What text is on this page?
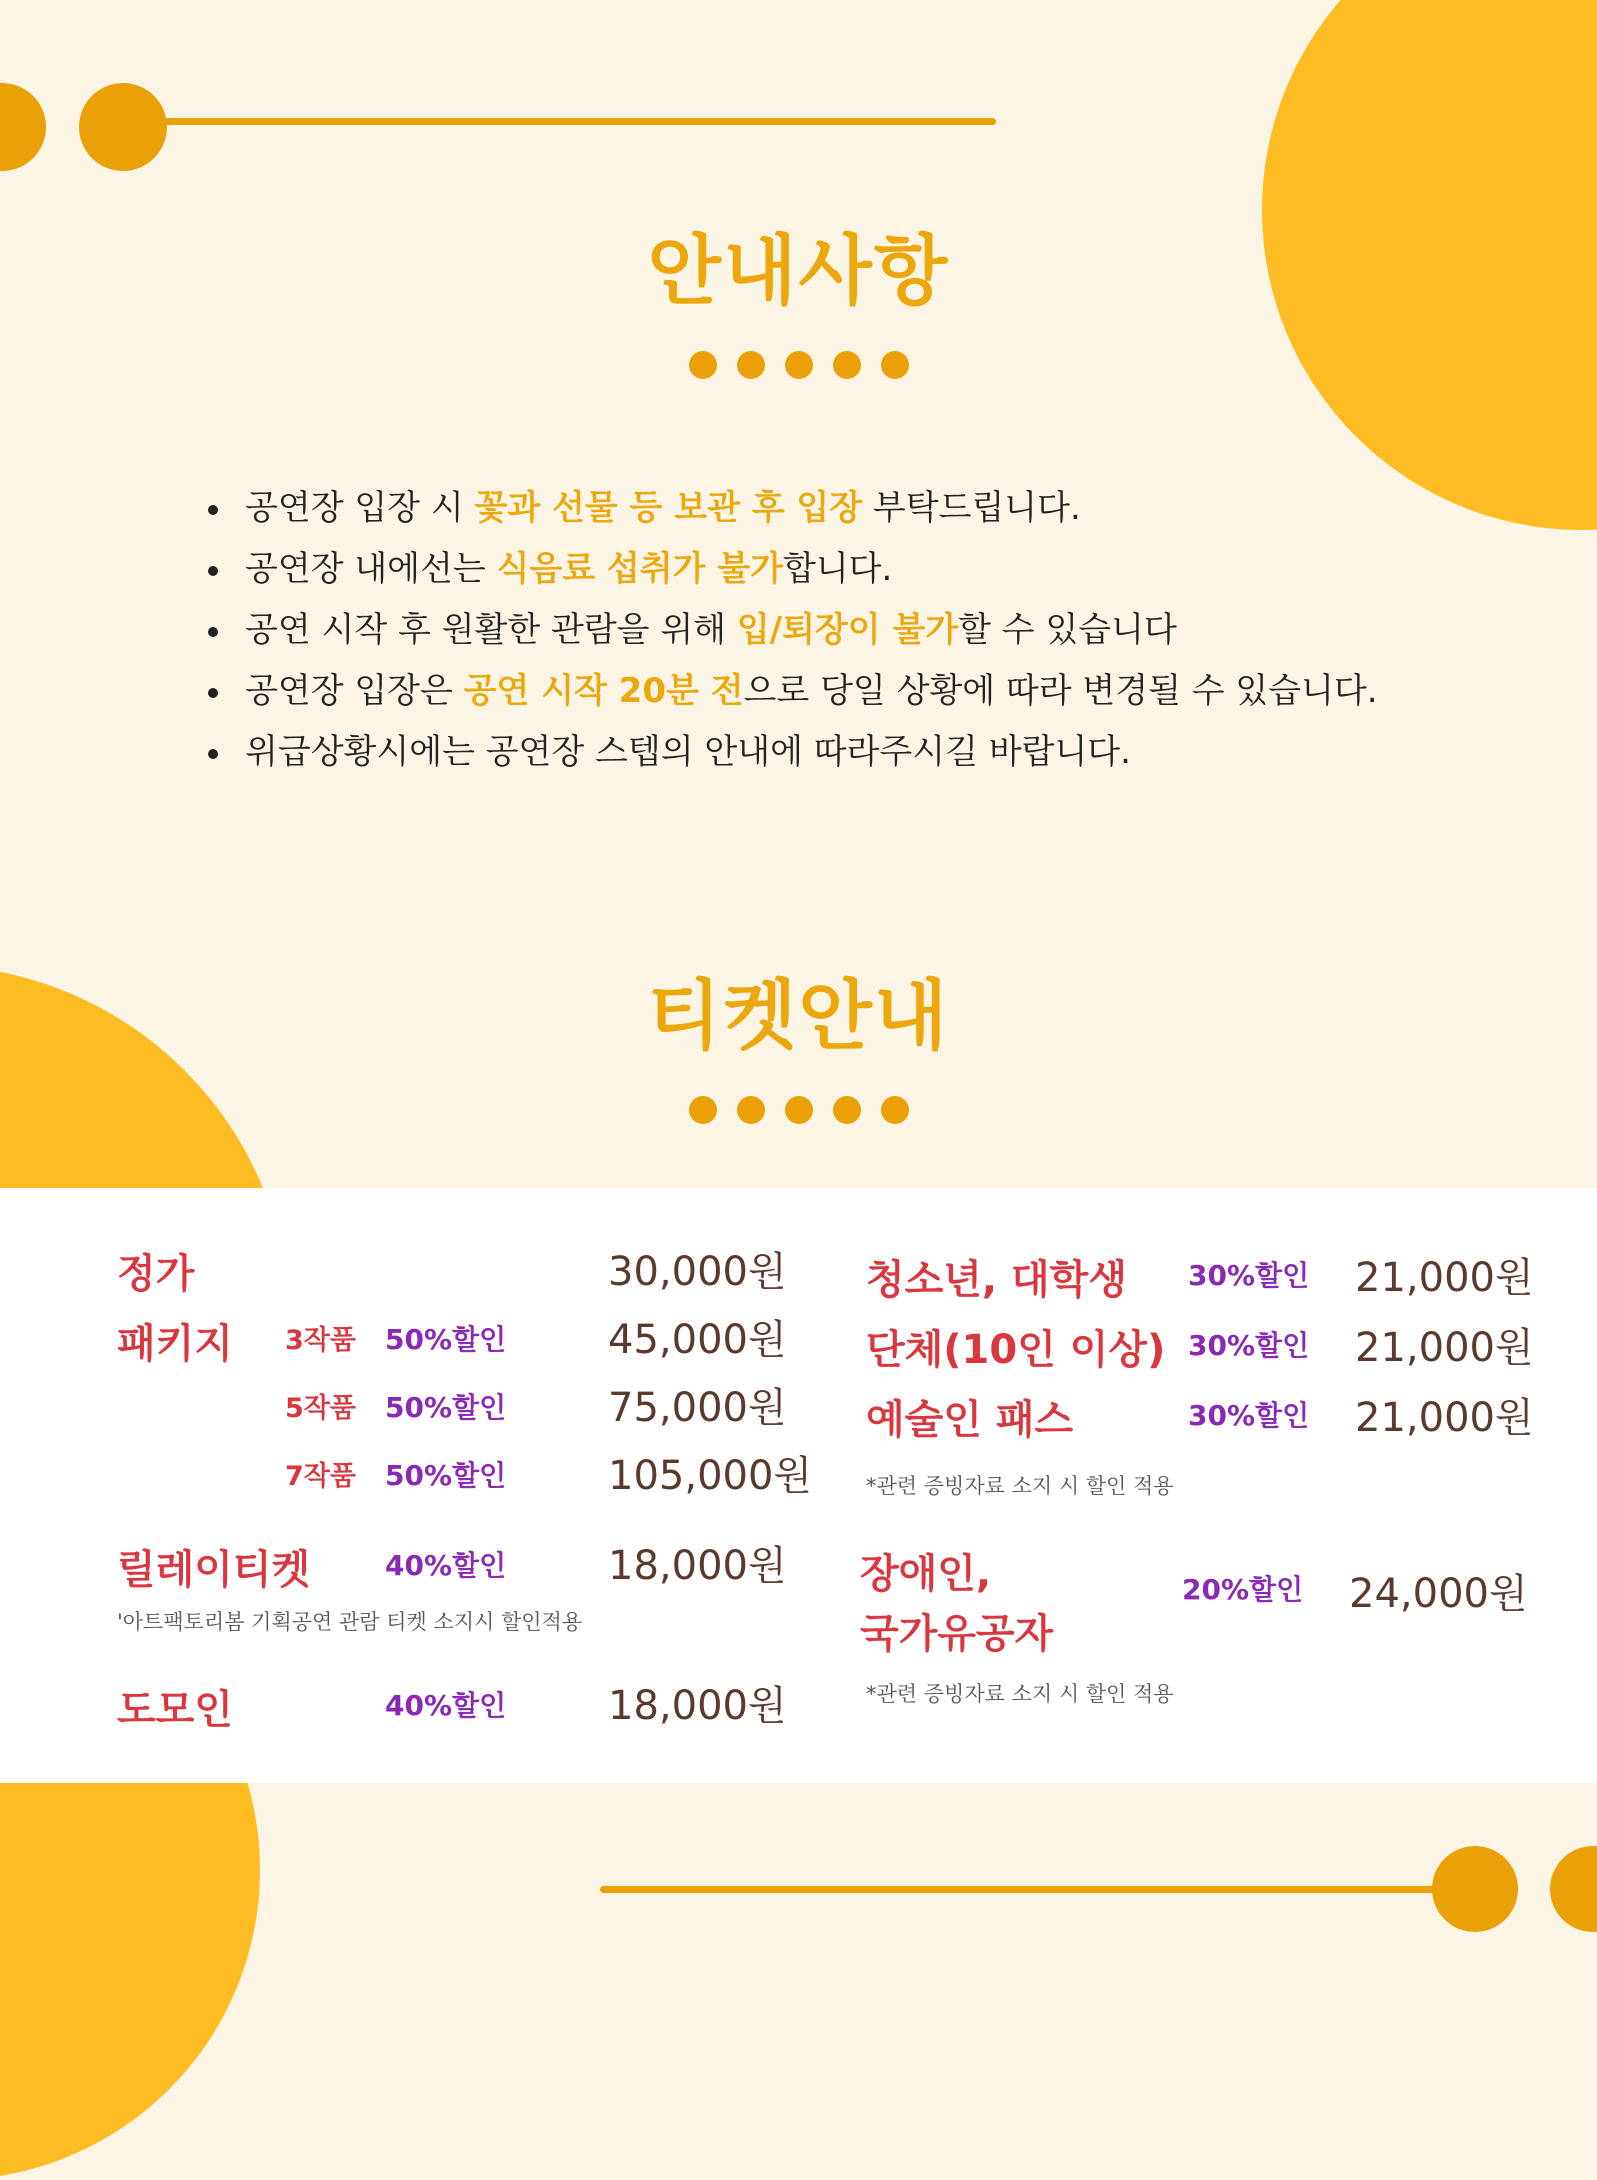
안내사항
공연장 입장 시 꽃과 선물 등 보관 후 입장 부탁드립니다.
공연장 내에선는 식음료 섭취가 불가합니다.
공연 시작 후 원활한 관람을 위해 입/퇴장이 불가할 수 있습니다
공연장 입장은 공연 시작 20분 전으로 당일 상황에 따라 변경될 수 있습니다.
위급상황시에는 공연장 스텝의 안내에 따라주시길 바랍니다.
티켓안내
정가	30,000원
패키지 3작품 50%할인	45,000원
5작품 50%할인	75,000원
7작품 50%할인	105,000원
릴레이티켓	40%할인	18,000원
'아트팩토리봄 기획공연 관람 티켓 소지시 할인적용
도모인	40%할인	18,000원
청소년, 대학생 30%할인 21,000원
단체(10인 이상) 30%할인 21,000원
예술인 패스	30%할인 21,000원
*관련 증빙자료 소지 시 할인 적용
장애인,
국가유공자
20%할인 24,000원
*관련 증빙자료 소지 시 할인 적용
